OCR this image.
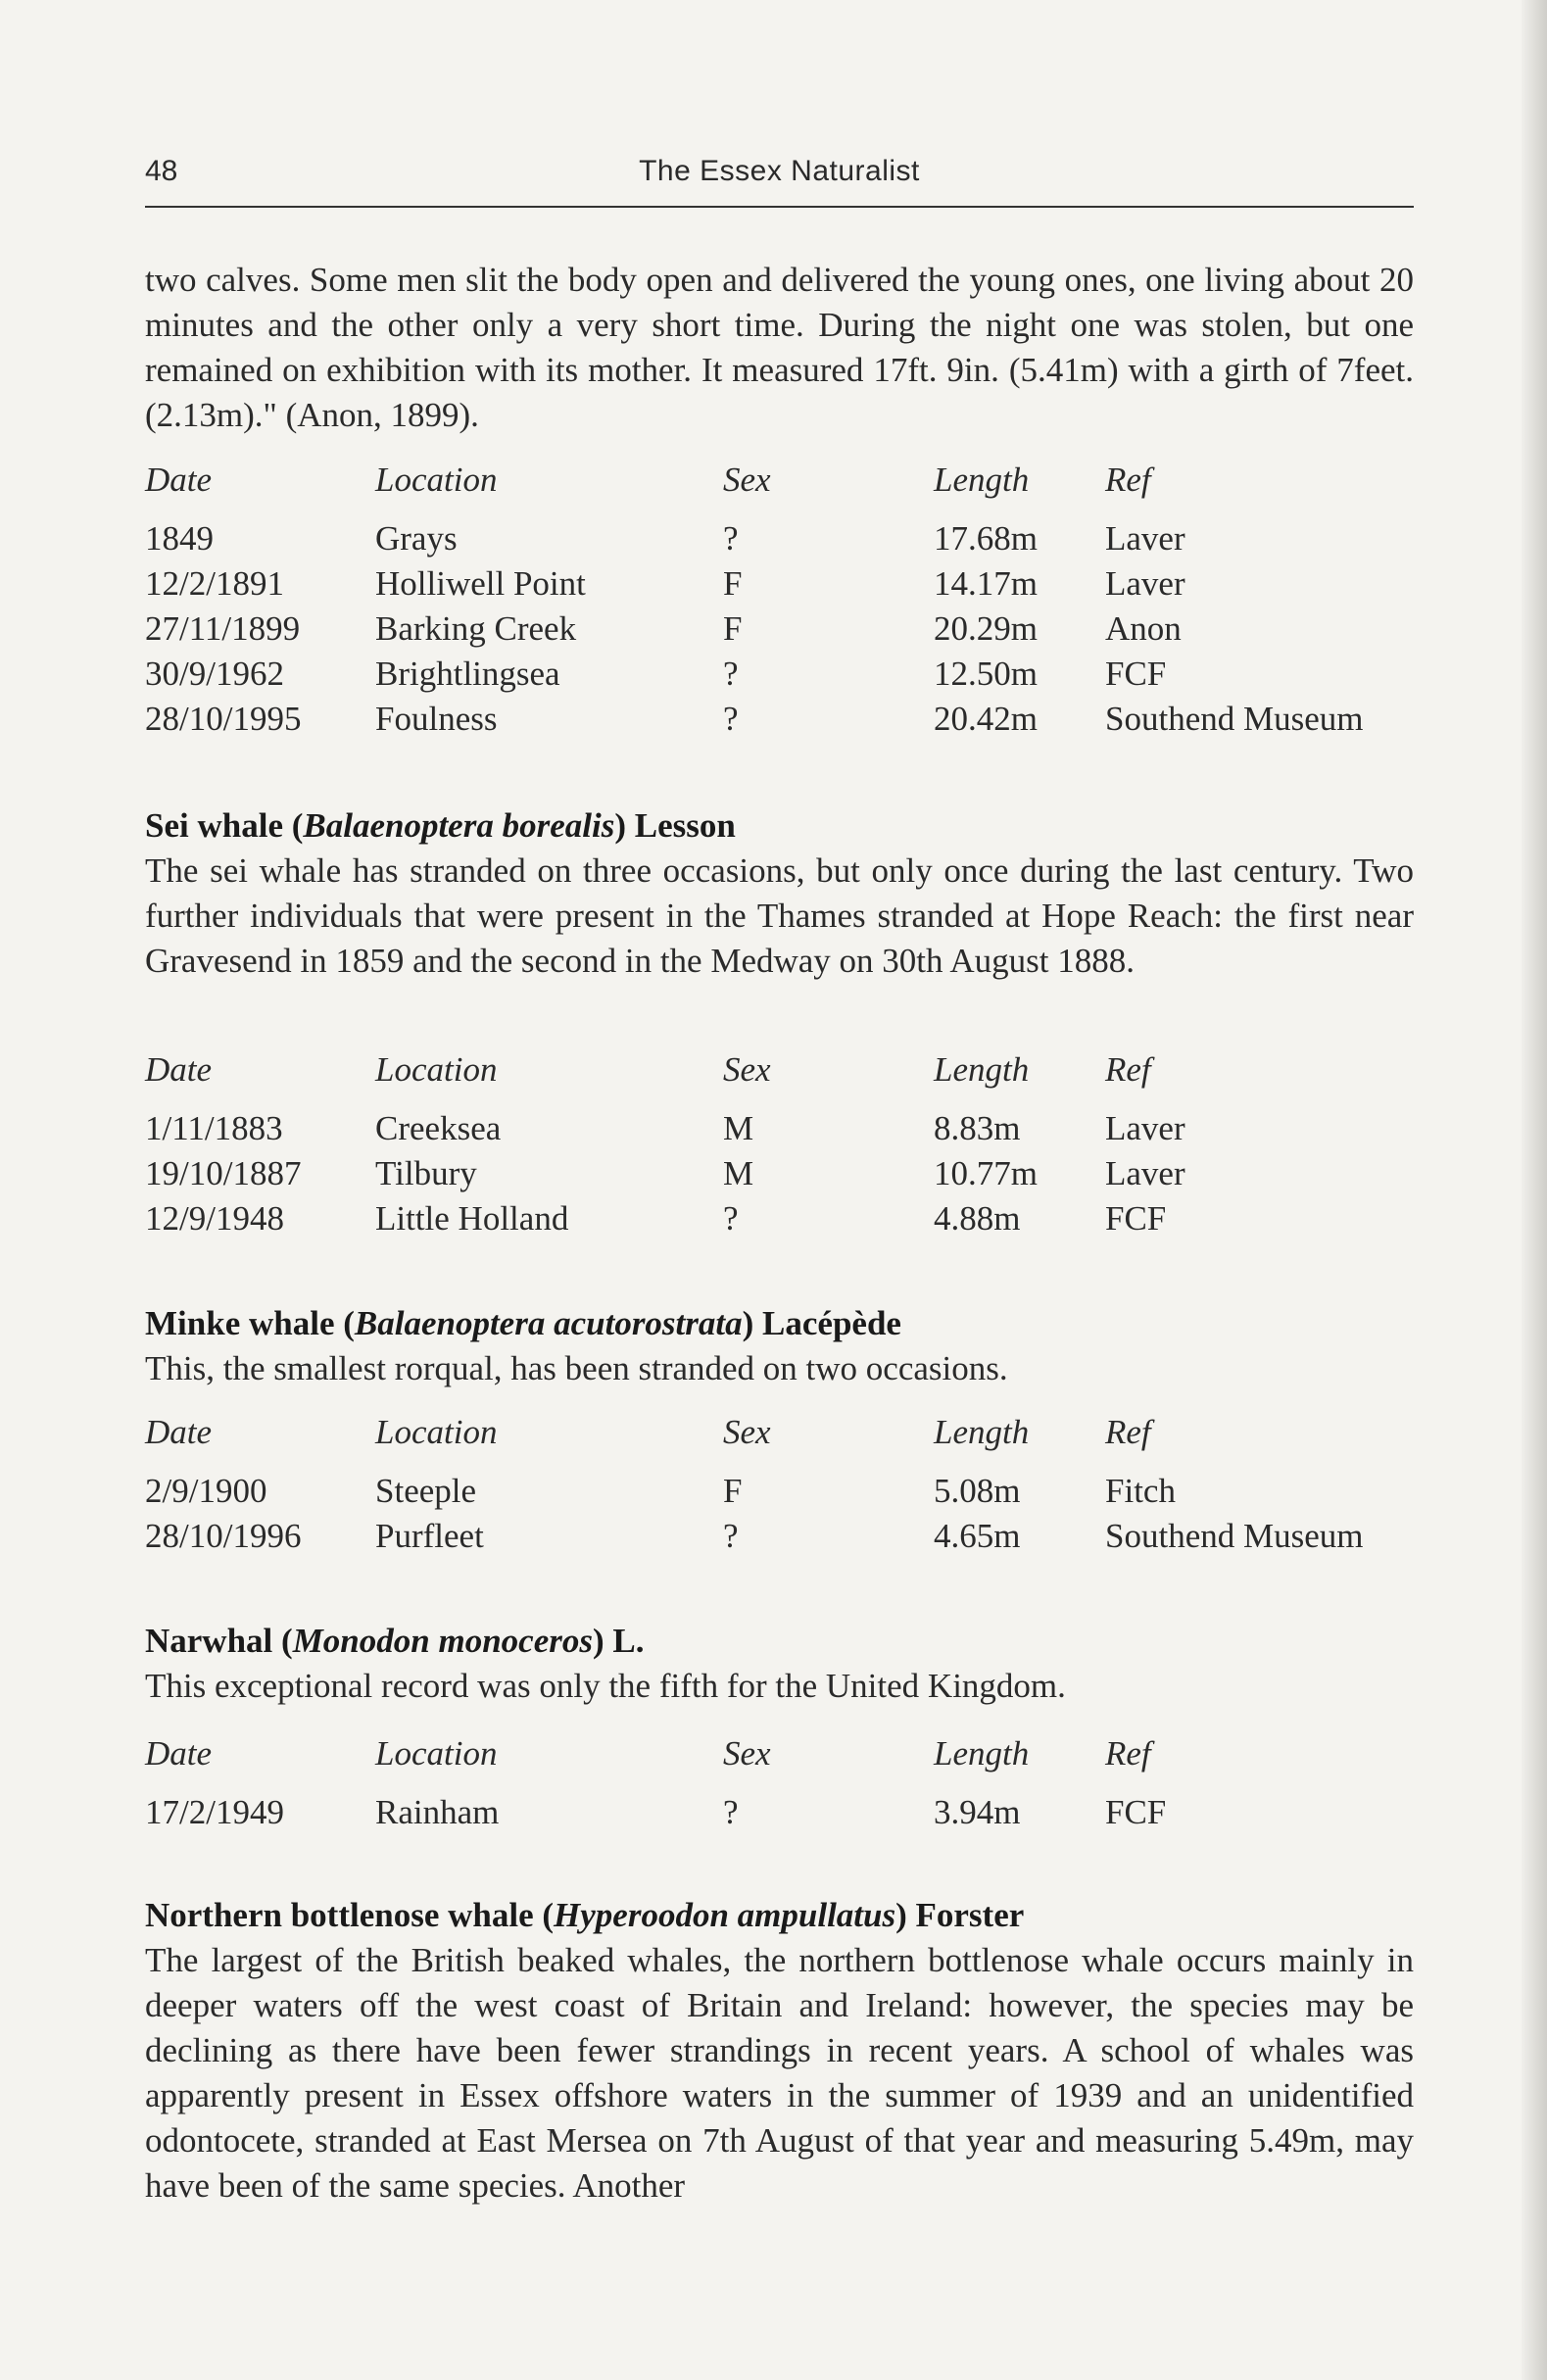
48	The Essex Naturalist
two calves. Some men slit the body open and delivered the young ones, one living about 20 minutes and the other only a very short time. During the night one was stolen, but one remained on exhibition with its mother. It measured 17ft. 9in. (5.41m) with a girth of 7feet. (2.13m)." (Anon, 1899).
Date	Location	Sex	Length Ref
1849	Grays	?	17.68m Laver
12/2/1891	Holliwell Point	F	14.17m Laver
27/11/1899 Barking Creek	F	20.29m Anon
30/9/1962	Brightlingsea	?	12.50m FCF
28/10/1995 Foulness	?	20.42m Southend Museum
Sei whale (Balaenoptera borealis) Lesson
The sei whale has stranded on three occasions, but only once during the last century. Two further individuals that were present in the Thames stranded at Hope Reach: the first near Gravesend in 1859 and the second in the Medway on 30th August 1888.
Date	Location	Sex	Length Ref
1/11/1883	Creeksea	M	8.83m Laver
19/10/1887 Tilbury	M	10.77m Laver
12/9/1948	Little Holland	?	4.88m FCF
Minke whale (Balaenoptera acutorostrata) Lacépède
This, the smallest rorqual, has been stranded on two occasions.
Date	Location	Sex	Length Ref
2/9/1900	Steeple	F	5.08m Fitch
28/10/1996 Purfleet	?	4.65m Southend Museum
Narwhal (Monodon monoceros) L.
This exceptional record was only the fifth for the United Kingdom.
Date	Location	Sex	Length Ref
17/2/1949	Rainham	?	3.94m FCF
Northern bottlenose whale (Hyperoodon ampullatus) Forster
The largest of the British beaked whales, the northern bottlenose whale occurs mainly in deeper waters off the west coast of Britain and Ireland: however, the species may be declining as there have been fewer strandings in recent years. A school of whales was apparently present in Essex offshore waters in the summer of 1939 and an unidentified odontocete, stranded at East Mersea on 7th August of that year and measuring 5.49m, may have been of the same species. Another
